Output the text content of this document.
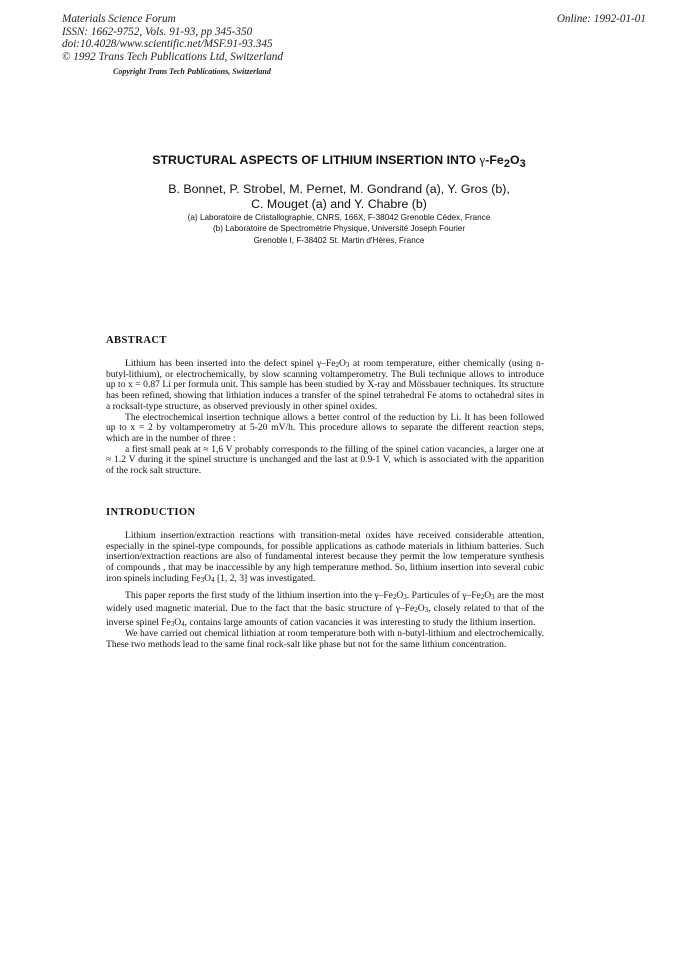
Materials Science Forum
ISSN: 1662-9752, Vols. 91-93, pp 345-350
doi:10.4028/www.scientific.net/MSF.91-93.345
© 1992 Trans Tech Publications Ltd, Switzerland
Online: 1992-01-01
Copyright Trans Tech Publications, Switzerland
STRUCTURAL ASPECTS OF LITHIUM INSERTION INTO $\gamma-Fe_2O_3$
B. Bonnet, P. Strobel, M. Pernet, M. Gondrand (a), Y. Gros (b),
C. Mouget (a) and Y. Chabre (b)
(a) Laboratoire de Cristallographie, CNRS, 166X, F-38042 Grenoble Cédex, France
(b) Laboratoire de Spectrométrie Physique, Université Joseph Fourier
Grenoble I, F-38402 St. Martin d'Hères, France
ABSTRACT

Lithium has been inserted into the defect spinel $\gamma-Fe_2O_3$ at room temperature, either chemically (using n-butyl-lithium), or electrochemically, by slow scanning voltamperometry. The Buli technique allows to introduce up to x = 0.87 Li per formula unit. This sample has been studied by X-ray and Mössbauer techniques. Its structure has been refined, showing that lithiation induces a transfer of the spinel tetrahedral Fe atoms to octahedral sites in a rocksalt-type structure, as observed previously in other spinel oxides.

The electrochemical insertion technique allows a better control of the reduction by Li. It has been followed up to x = 2 by voltamperometry at 5-20 mV/h. This procedure allows to separate the different reaction steps, which are in the number of three :

a first small peak at ≈ 1,6 V probably corresponds to the filling of the spinel cation vacancies, a larger one at ≈ 1.2 V during it the spinel structure is unchanged and the last at 0.9-1 V, which is associated with the apparition of the rock salt structure.

INTRODUCTION

Lithium insertion/extraction reactions with transition-metal oxides have received considerable attention, especially in the spinel-type compounds, for possible applications as cathode materials in lithium batteries. Such insertion/extraction reactions are also of fundamental interest because they permit the low temperature synthesis of compounds , that may be inaccessible by any high temperature method. So, lithium insertion into several cubic iron spinels including $Fe_3O_4$ [1, 2, 3] was investigated.

This paper reports the first study of the lithium insertion into the $\gamma-Fe_2O_3$. Particules of $\gamma-Fe_2O_3$ are the most widely used magnetic material. Due to the fact that the basic structure of $\gamma-Fe_2O_3$, closely related to that of the inverse spinel $Fe_3O_4$, contains large amounts of cation vacancies it was interesting to study the lithium insertion.

We have carried out chemical lithiation at room temperature both with n-butyl-lithium and electrochemically. These two methods lead to the same final rock-salt like phase but not for the same lithium concentration.
